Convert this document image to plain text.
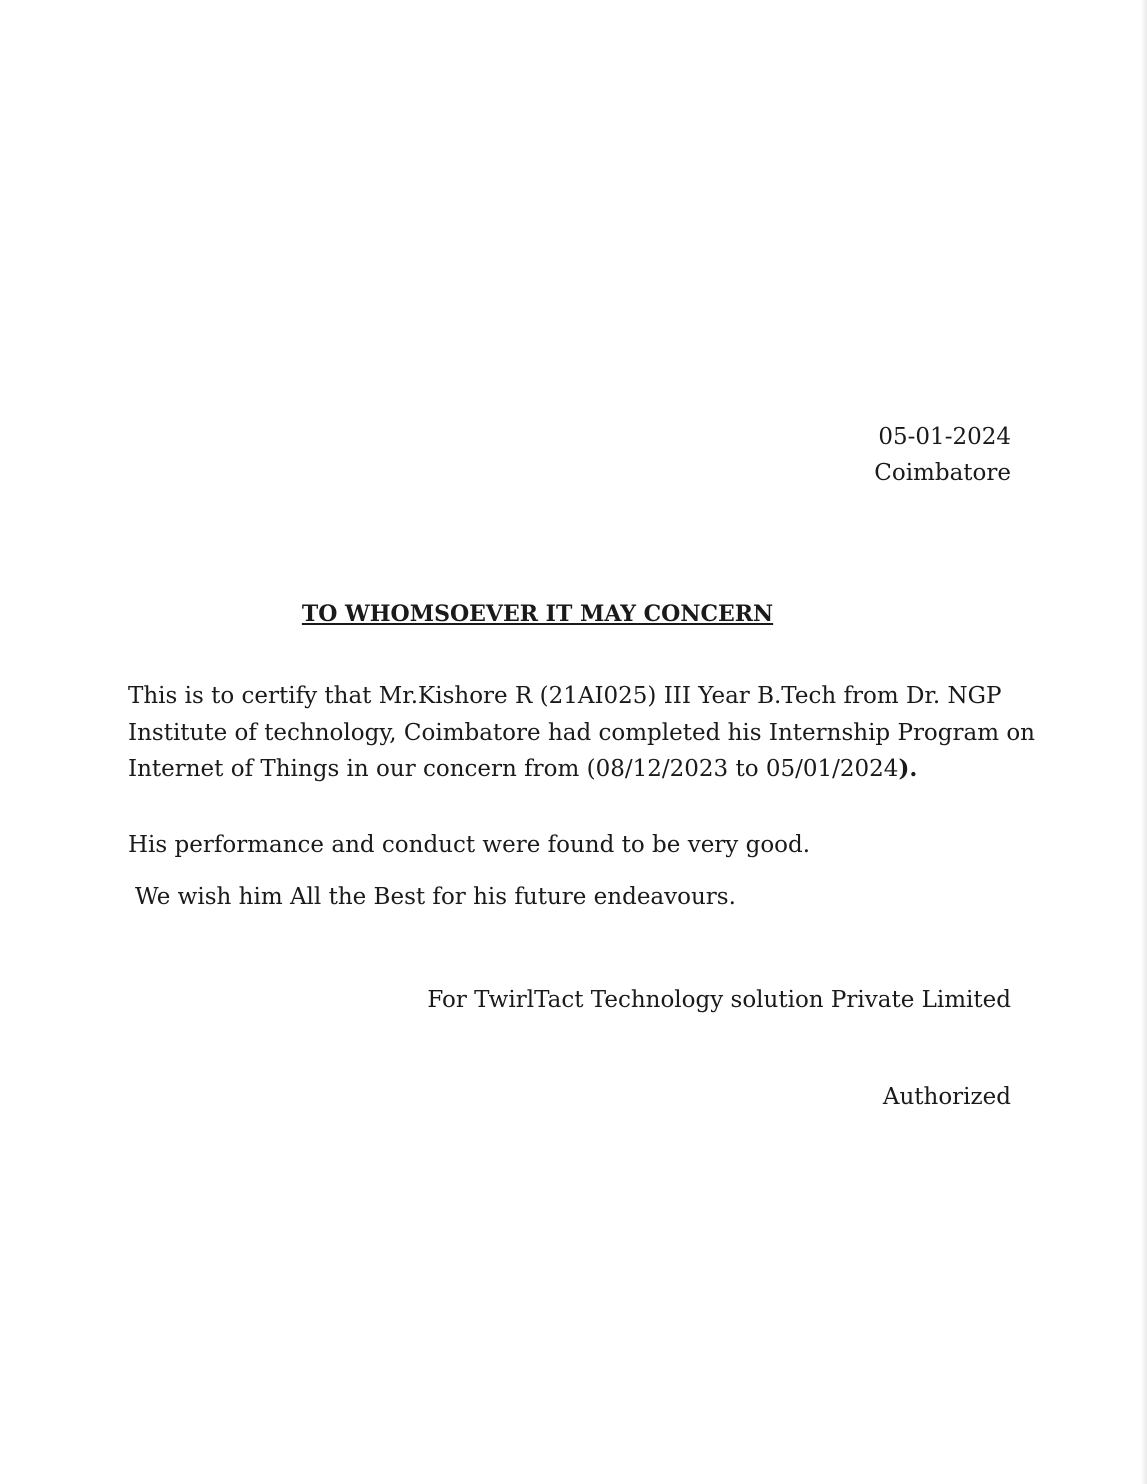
05-01-2024
Coimbatore
TO WHOMSOEVER IT MAY CONCERN
This is to certify that Mr.Kishore R (21AI025) III Year B.Tech from Dr. NGP
Institute of technology, Coimbatore had completed his Internship Program on
Internet of Things in our concern from (08/12/2023 to 05/01/2024).
His performance and conduct were found to be very good.
We wish him All the Best for his future endeavours.
For TwirlTact Technology solution Private Limited
Authorized
